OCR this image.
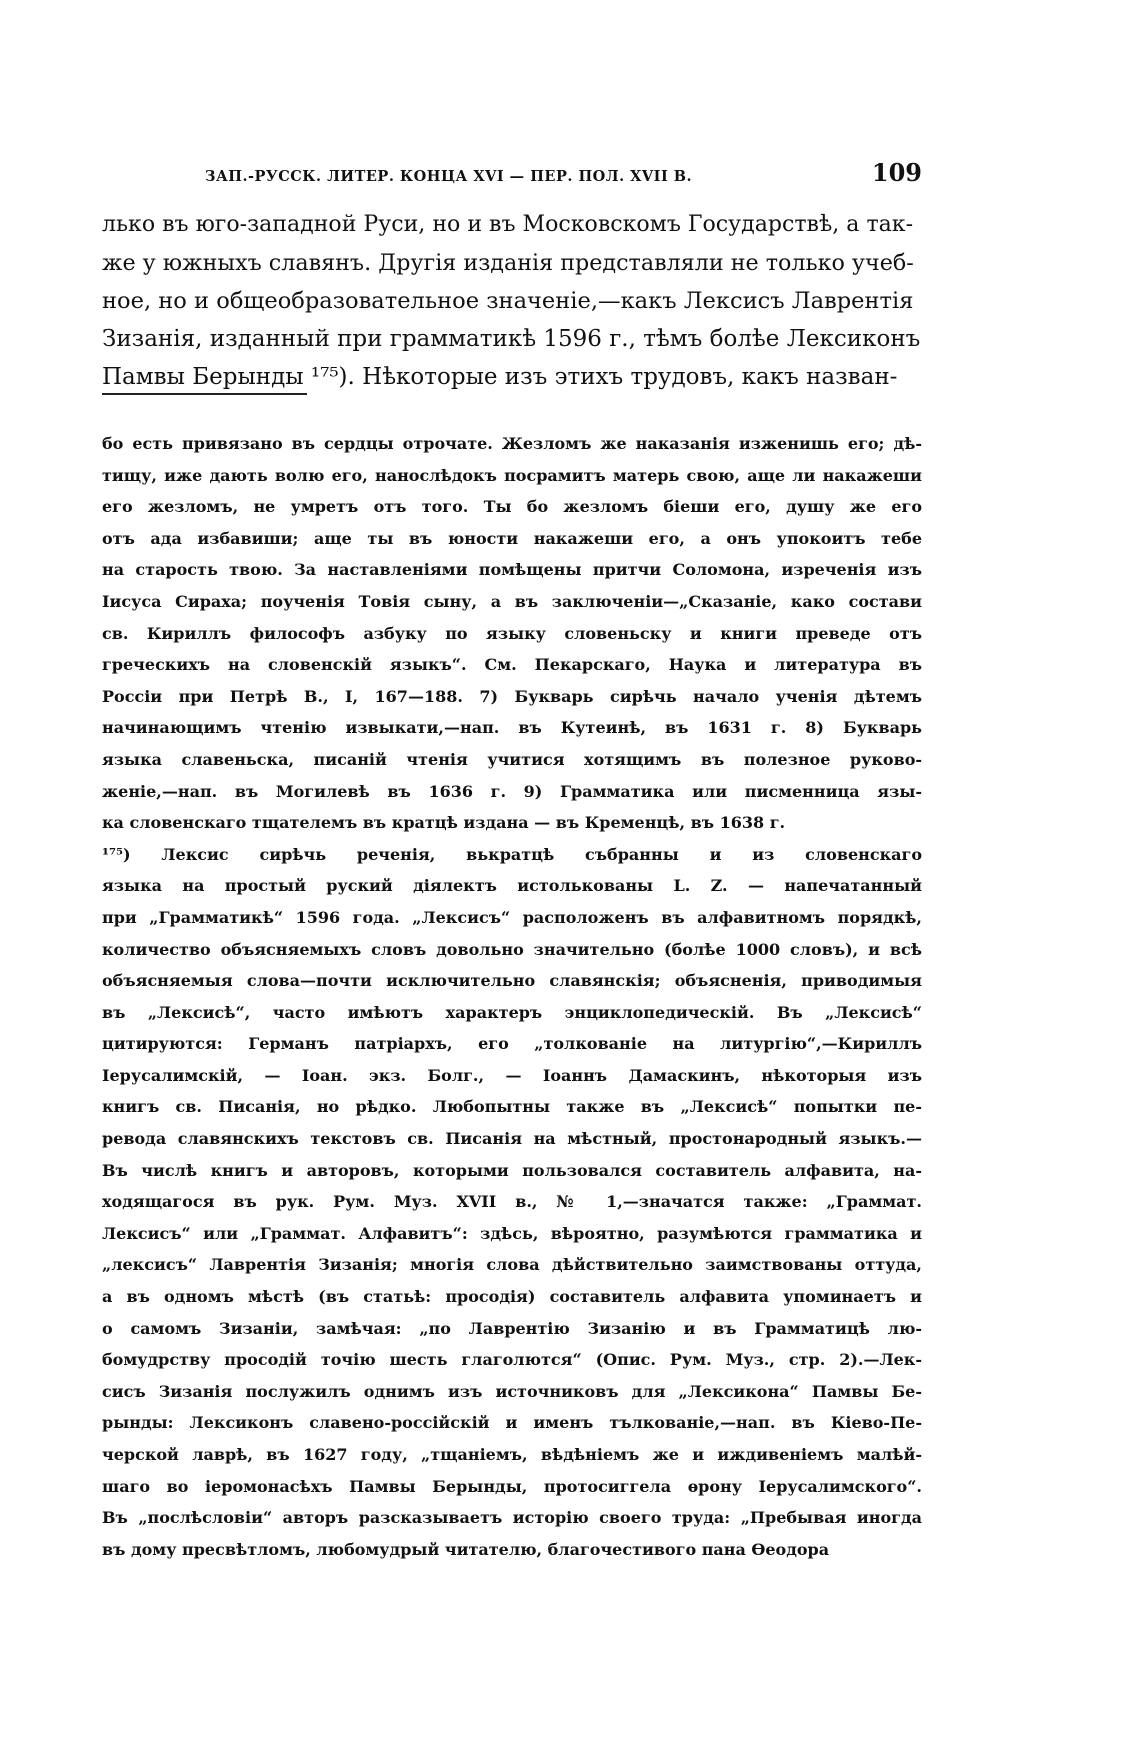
ЗАП.-РУССК. ЛИТЕР. КОНЦА XVI — ПЕР. ПОЛ. XVII В.	109
лько въ юго-западной Руси, но и въ Московскомъ Государствѣ, а так-
же у южныхъ славянъ. Другія изданія представляли не только учеб-
ное, но и общеобразовательное значеніе,—какъ Лексисъ Лаврентія
Зизанія, изданный при грамматикѣ 1596 г., тѣмъ болѣе Лексиконъ
Памвы Берынды ¹⁷⁵). Нѣкоторые изъ этихъ трудовъ, какъ назван-
бо есть привязано въ сердцы отрочате. Жезломъ же наказанія изженишь его; дѣ-
тищу, иже дають волю его, нанослѣдокъ посрамитъ матерь свою, аще ли накажеши
его жезломъ, не умретъ отъ того. Ты бо жезломъ біеши его, душу же его
отъ ада избавиши; аще ты въ юности накажеши его, а онъ упокоитъ тебе
на старость твою. За наставленіями помѣщены притчи Соломона, изреченія изъ
Іисуса Сираха; поученія Товія сыну, а въ заключеніи—„Сказаніе, како состави
св. Кириллъ философъ азбуку по языку словеньску и книги преведе отъ
греческихъ на словенскій языкъ“. См. Пекарскаго, Наука и литература въ
Россіи при Петрѣ В., I, 167—188. 7) Букварь сирѣчь начало ученія дѣтемъ
начинающимъ чтенію извыкати,—нап. въ Кутеинѣ, въ 1631 г. 8) Букварь
языка славеньска, писаній чтенія учитися хотящимъ въ полезное руково-
женіе,—нап. въ Могилевѣ въ 1636 г. 9) Грамматика или писменница язы-
ка словенскаго тщателемъ въ кратцѣ издана — въ Кременцѣ, въ 1638 г.
¹⁷⁵) Лексис сирѣчь реченія, вькратцѣ събранны и из словенскаго
языка на простый руский діялектъ истолькованы L. Z. — напечатанный
при „Грамматикѣ“ 1596 года. „Лексисъ“ расположенъ въ алфавитномъ порядкѣ,
количество объясняемыхъ словъ довольно значительно (болѣе 1000 словъ), и всѣ
объясняемыя слова—почти исключительно славянскія; объясненія, приводимыя
въ „Лексисѣ“, часто имѣютъ характеръ энциклопедическій. Въ „Лексисѣ“
цитируются: Германъ патріархъ, его „толкованіе на литургію“,—Кириллъ
Іерусалимскій, — Іоан. экз. Болг., — Іоаннъ Дамаскинъ, нѣкоторыя изъ
книгъ св. Писанія, но рѣдко. Любопытны также въ „Лексисѣ“ попытки пе-
ревода славянскихъ текстовъ св. Писанія на мѣстный, простонародный языкъ.—
Въ числѣ книгъ и авторовъ, которыми пользовался составитель алфавита, на-
ходящагося въ рук. Рум. Муз. XVII в., № 1,—значатся также: „Граммат.
Лексисъ“ или „Граммат. Алфавитъ“: здѣсь, вѣроятно, разумѣются грамматика и
„лексисъ“ Лаврентія Зизанія; многія слова дѣйствительно заимствованы оттуда,
а въ одномъ мѣстѣ (въ статьѣ: просодія) составитель алфавита упоминаетъ и
о самомъ Зизаніи, замѣчая: „по Лаврентію Зизанію и въ Грамматицѣ лю-
бомудрству просодій точію шесть глаголются“ (Опис. Рум. Муз., стр. 2).—Лек-
сисъ Зизанія послужилъ однимъ изъ источниковъ для „Лексикона“ Памвы Бе-
рынды: Лексиконъ славено-россійскій и именъ тълкованіе,—нап. въ Кіево-Пе-
черской лаврѣ, въ 1627 году, „тщаніемъ, вѣдѣніемъ же и иждивеніемъ малѣй-
шаго во іеромонасѣхъ Памвы Берынды, протосиггела ѳрону Іерусалимского“.
Въ „послѣсловіи“ авторъ разсказываетъ исторію своего труда: „Пребывая иногда
въ дому пресвѣтломъ, любомудрый читателю, благочестивого пана Ѳеодора
